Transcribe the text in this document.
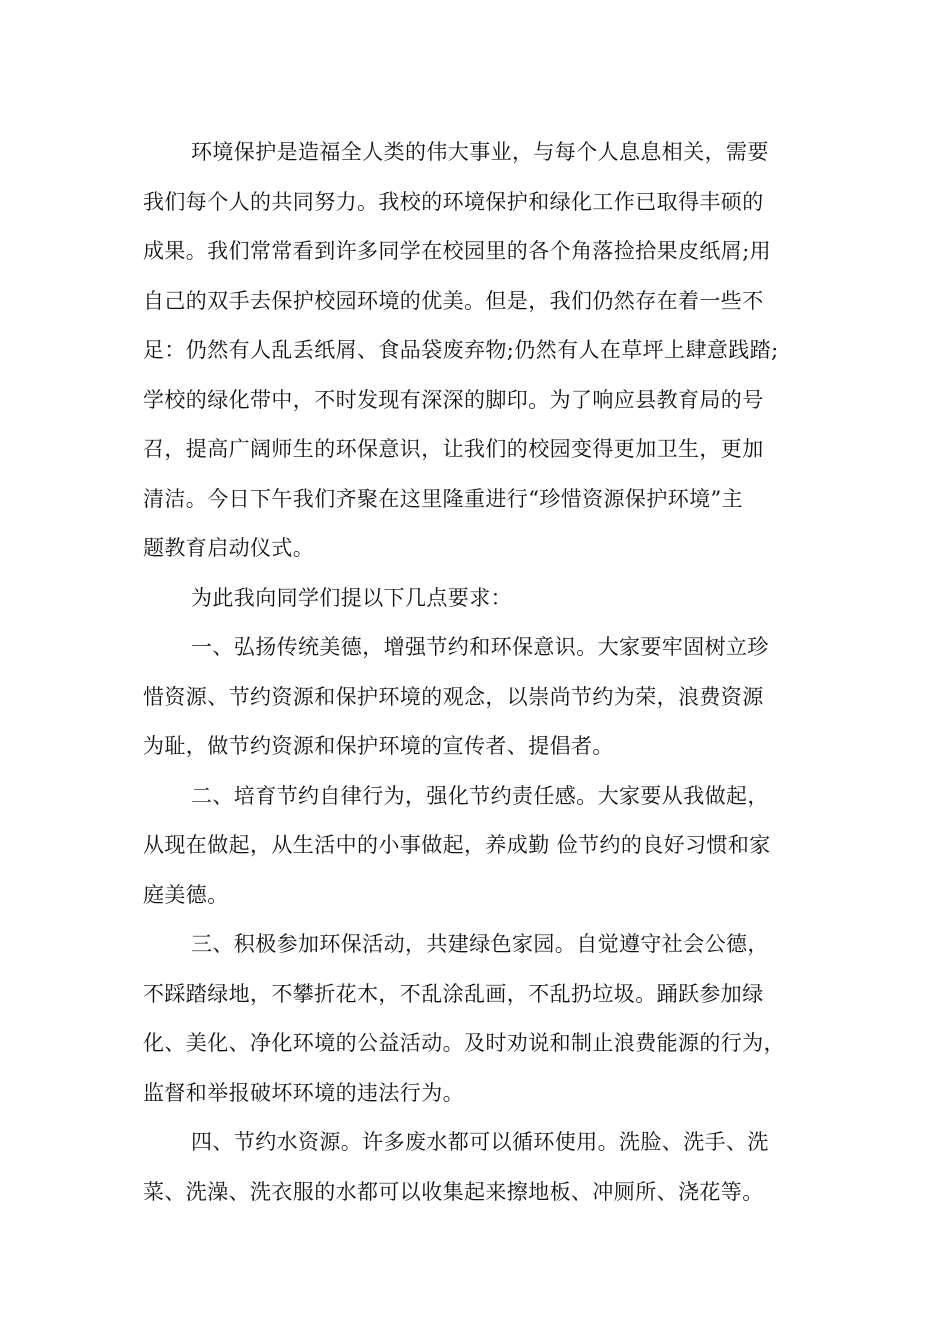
环境保护是造福全人类的伟大事业，与每个人息息相关，需要
我们每个人的共同努力。我校的环境保护和绿化工作已取得丰硕的
成果。我们常常看到许多同学在校园里的各个角落捡拾果皮纸屑;用
自己的双手去保护校园环境的优美。但是，我们仍然存在着一些不
足：仍然有人乱丢纸屑、食品袋废弃物;仍然有人在草坪上肆意践踏;
学校的绿化带中，不时发现有深深的脚印。为了响应县教育局的号
召，提高广阔师生的环保意识，让我们的校园变得更加卫生，更加
清洁。今日下午我们齐聚在这里隆重进行“珍惜资源保护环境”主
题教育启动仪式。
为此我向同学们提以下几点要求：
一、弘扬传统美德，增强节约和环保意识。大家要牢固树立珍
惜资源、节约资源和保护环境的观念，以崇尚节约为荣，浪费资源
为耻，做节约资源和保护环境的宣传者、提倡者。
二、培育节约自律行为，强化节约责任感。大家要从我做起，
从现在做起，从生活中的小事做起，养成勤 俭节约的良好习惯和家
庭美德。
三、积极参加环保活动，共建绿色家园。自觉遵守社会公德，
不踩踏绿地，不攀折花木，不乱涂乱画，不乱扔垃圾。踊跃参加绿
化、美化、净化环境的公益活动。及时劝说和制止浪费能源的行为，
监督和举报破坏环境的违法行为。
四、节约水资源。许多废水都可以循环使用。洗脸、洗手、洗
菜、洗澡、洗衣服的水都可以收集起来擦地板、冲厕所、浇花等。
